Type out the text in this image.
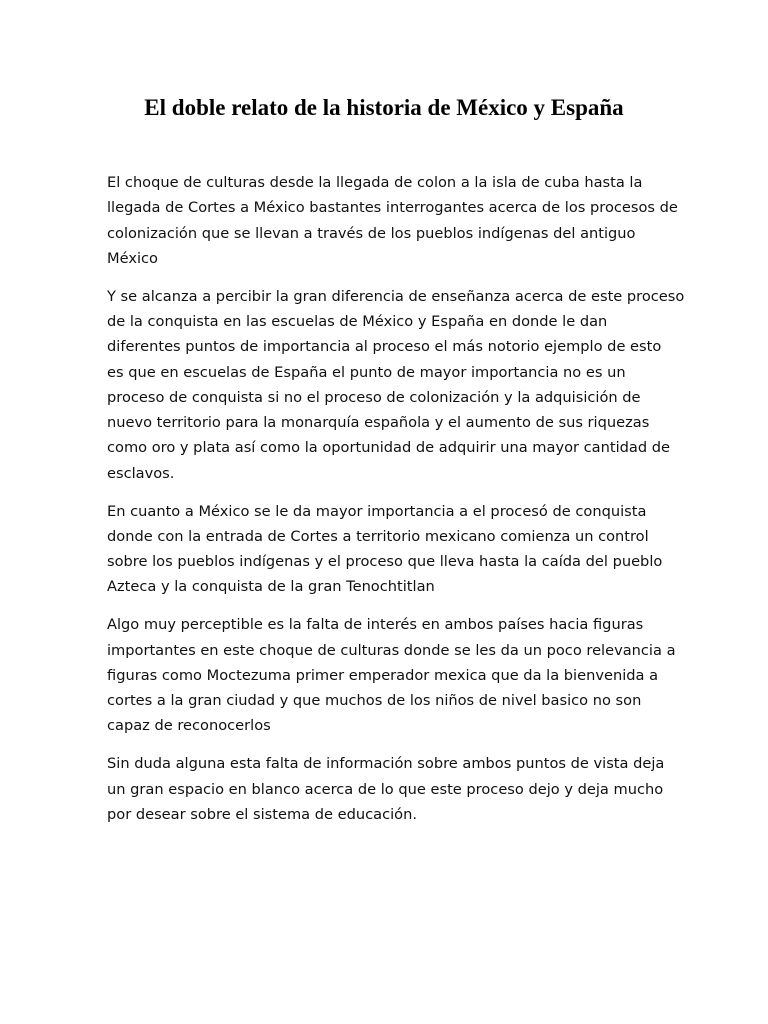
El doble relato de la historia de México y España

El choque de culturas desde la llegada de colon a la isla de cuba hasta la
llegada de Cortes a México bastantes interrogantes acerca de los procesos de
colonización que se llevan a través de los pueblos indígenas del antiguo
México

Y se alcanza a percibir la gran diferencia de enseñanza acerca de este proceso
de la conquista en las escuelas de México y España en donde le dan
diferentes puntos de importancia al proceso el más notorio ejemplo de esto
es que en escuelas de España el punto de mayor importancia no es un
proceso de conquista si no el proceso de colonización y la adquisición de
nuevo territorio para la monarquía española y el aumento de sus riquezas
como oro y plata así como la oportunidad de adquirir una mayor cantidad de
esclavos.

En cuanto a México se le da mayor importancia a el procesó de conquista
donde con la entrada de Cortes a territorio mexicano comienza un control
sobre los pueblos indígenas y el proceso que lleva hasta la caída del pueblo
Azteca y la conquista de la gran Tenochtitlan

Algo muy perceptible es la falta de interés en ambos países hacia figuras
importantes en este choque de culturas donde se les da un poco relevancia a
figuras como Moctezuma primer emperador mexica que da la bienvenida a
cortes a la gran ciudad y que muchos de los niños de nivel basico no son
capaz de reconocerlos

Sin duda alguna esta falta de información sobre ambos puntos de vista deja
un gran espacio en blanco acerca de lo que este proceso dejo y deja mucho
por desear sobre el sistema de educación.
